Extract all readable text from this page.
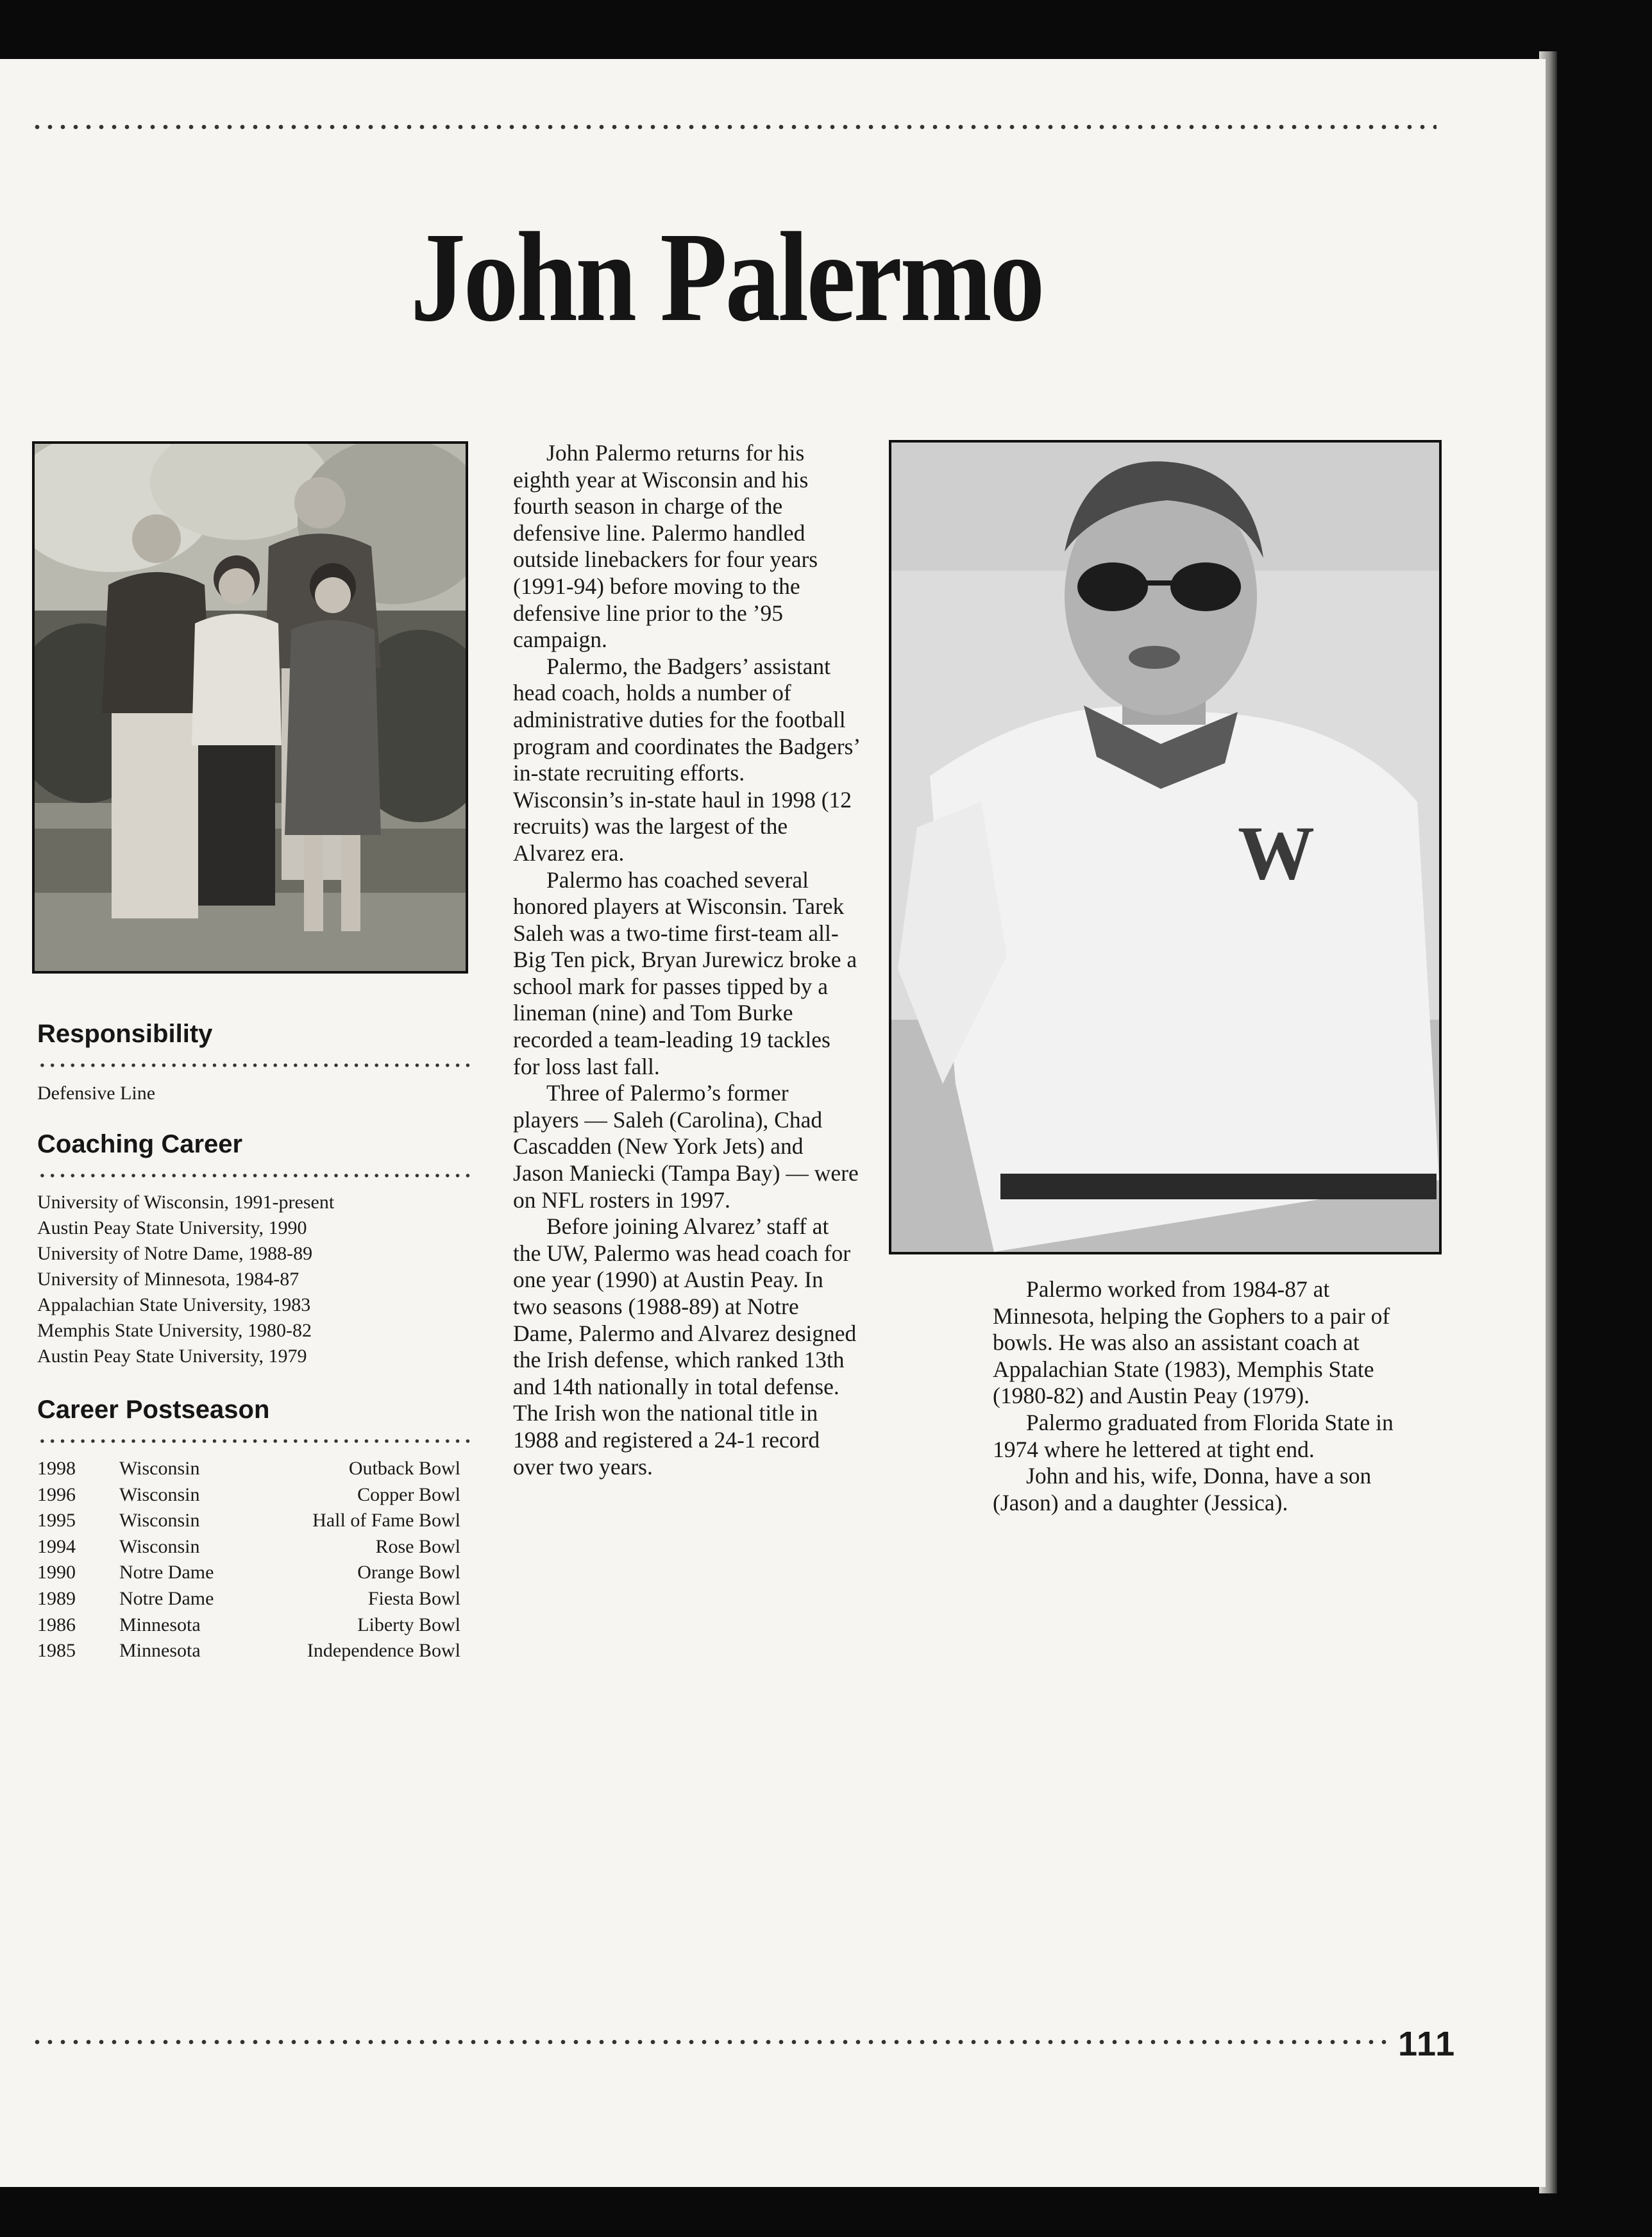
John Palermo
W
Responsibility
Defensive Line
Coaching Career
University of Wisconsin, 1991-present
Austin Peay State University, 1990
University of Notre Dame, 1988-89
University of Minnesota, 1984-87
Appalachian State University, 1983
Memphis State University, 1980-82
Austin Peay State University, 1979
Career Postseason
1998	Wisconsin	Outback Bowl
1996	Wisconsin	Copper Bowl
1995	Wisconsin	Hall of Fame Bowl
1994	Wisconsin	Rose Bowl
1990	Notre Dame	Orange Bowl
1989	Notre Dame	Fiesta Bowl
1986	Minnesota	Liberty Bowl
1985	Minnesota	Independence Bowl

John Palermo returns for his eighth year at Wisconsin and his fourth season in charge of the defensive line. Palermo handled outside linebackers for four years (1991-94) before moving to the defensive line prior to the ’95 campaign.

Palermo, the Badgers’ assistant head coach, holds a number of administrative duties for the football program and coordinates the Badgers’ in-state recruiting efforts. Wisconsin’s in-state haul in 1998 (12 recruits) was the largest of the Alvarez era.

Palermo has coached several honored players at Wisconsin. Tarek Saleh was a two-time first-team all-Big Ten pick, Bryan Jurewicz broke a school mark for passes tipped by a lineman (nine) and Tom Burke recorded a team-leading 19 tackles for loss last fall.

Three of Palermo’s former players — Saleh (Carolina), Chad Cascadden (New York Jets) and Jason Maniecki (Tampa Bay) — were on NFL rosters in 1997.

Before joining Alvarez’ staff at the UW, Palermo was head coach for one year (1990) at Austin Peay. In two seasons (1988-89) at Notre Dame, Palermo and Alvarez designed the Irish defense, which ranked 13th and 14th nationally in total defense. The Irish won the national title in 1988 and registered a 24-1 record over two years.

Palermo worked from 1984-87 at Minnesota, helping the Gophers to a pair of bowls. He was also an assistant coach at Appalachian State (1983), Memphis State (1980-82) and Austin Peay (1979).

Palermo graduated from Florida State in 1974 where he lettered at tight end.

John and his, wife, Donna, have a son (Jason) and a daughter (Jessica).

111
